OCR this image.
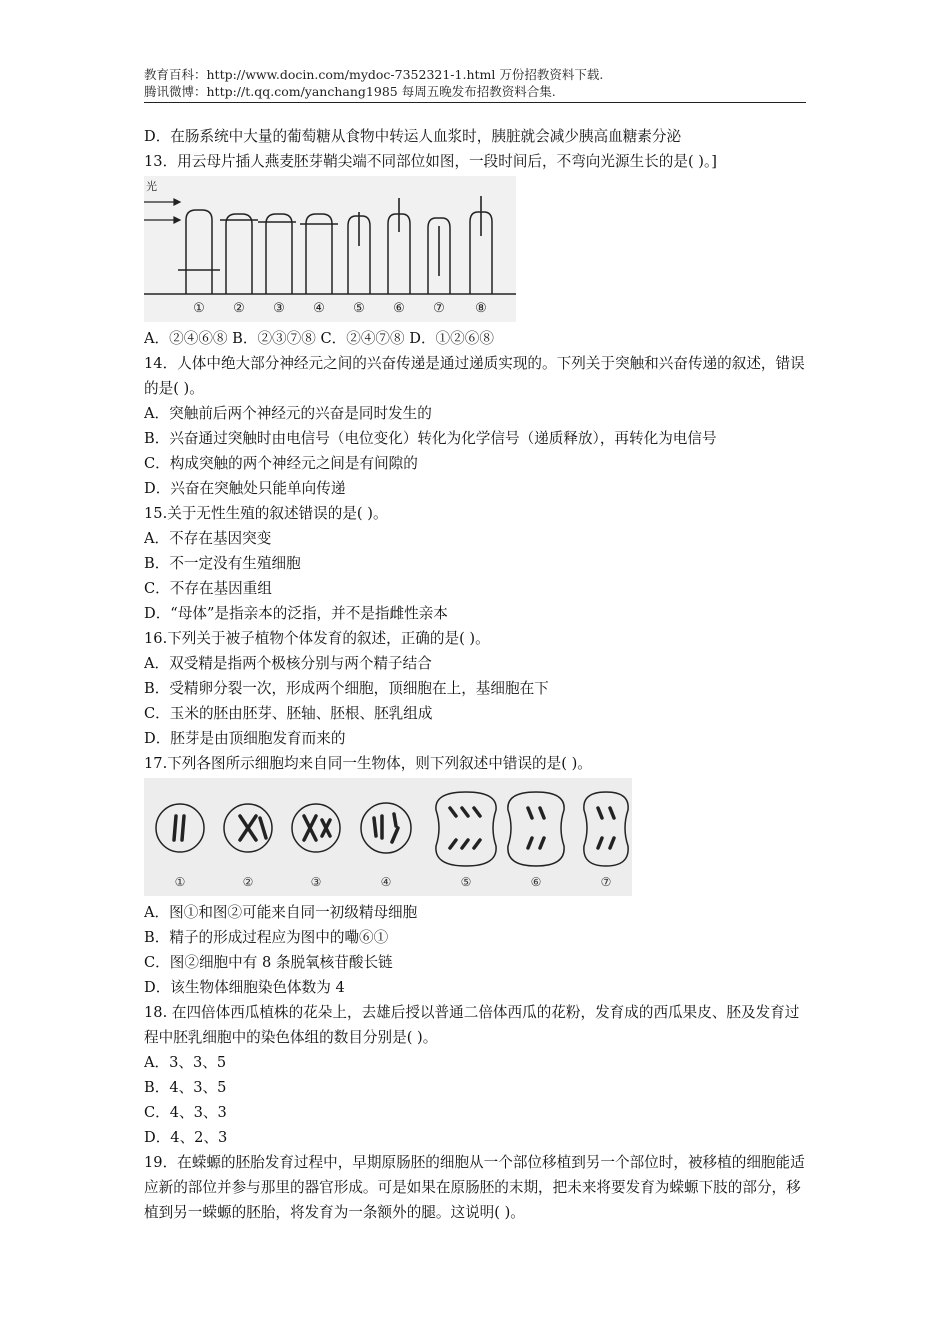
教育百科：http://www.docin.com/mydoc-7352321-1.html 万份招教资料下载.
腾讯微博：http://t.qq.com/yanchang1985 每周五晚发布招教资料合集.
D．在肠系统中大量的葡萄糖从食物中转运人血浆时，胰脏就会减少胰高血糖素分泌
13．用云母片插人燕麦胚芽鞘尖端不同部位如图，一段时间后，不弯向光源生长的是( )。]
光
① ② ③ ④ ⑤ ⑥ ⑦ ⑧
A．②④⑥⑧ B．②③⑦⑧ C．②④⑦⑧ D．①②⑥⑧
14．人体中绝大部分神经元之间的兴奋传递是通过递质实现的。下列关于突触和兴奋传递的叙述，错误的是( )。
A．突触前后两个神经元的兴奋是同时发生的
B．兴奋通过突触时由电信号（电位变化）转化为化学信号（递质释放），再转化为电信号
C．构成突触的两个神经元之间是有间隙的
D．兴奋在突触处只能单向传递
15.关于无性生殖的叙述错误的是( )。
A．不存在基因突变
B．不一定没有生殖细胞
C．不存在基因重组
D．“母体”是指亲本的泛指，并不是指雌性亲本
16.下列关于被子植物个体发育的叙述，正确的是( )。
A．双受精是指两个极核分别与两个精子结合
B．受精卵分裂一次，形成两个细胞，顶细胞在上，基细胞在下
C．玉米的胚由胚芽、胚轴、胚根、胚乳组成
D．胚芽是由顶细胞发育而来的
17.下列各图所示细胞均来自同一生物体，则下列叙述中错误的是( )。
①	②	③	④	⑤	⑥	⑦
A．图①和图②可能来自同一初级精母细胞
B．精子的形成过程应为图中的嘞⑥①
C．图②细胞中有 8 条脱氧核苷酸长链
D．该生物体细胞染色体数为 4
18. 在四倍体西瓜植株的花朵上，去雄后授以普通二倍体西瓜的花粉，发育成的西瓜果皮、胚及发育过程中胚乳细胞中的染色体组的数目分别是( )。
A．3、3、5
B．4、3、5
C．4、3、3
D．4、2、3
19．在蝾螈的胚胎发育过程中，早期原肠胚的细胞从一个部位移植到另一个部位时，被移植的细胞能适应新的部位并参与那里的器官形成。可是如果在原肠胚的末期，把未来将要发育为蝾螈下肢的部分，移植到另一蝾螈的胚胎，将发育为一条额外的腿。这说明( )。
